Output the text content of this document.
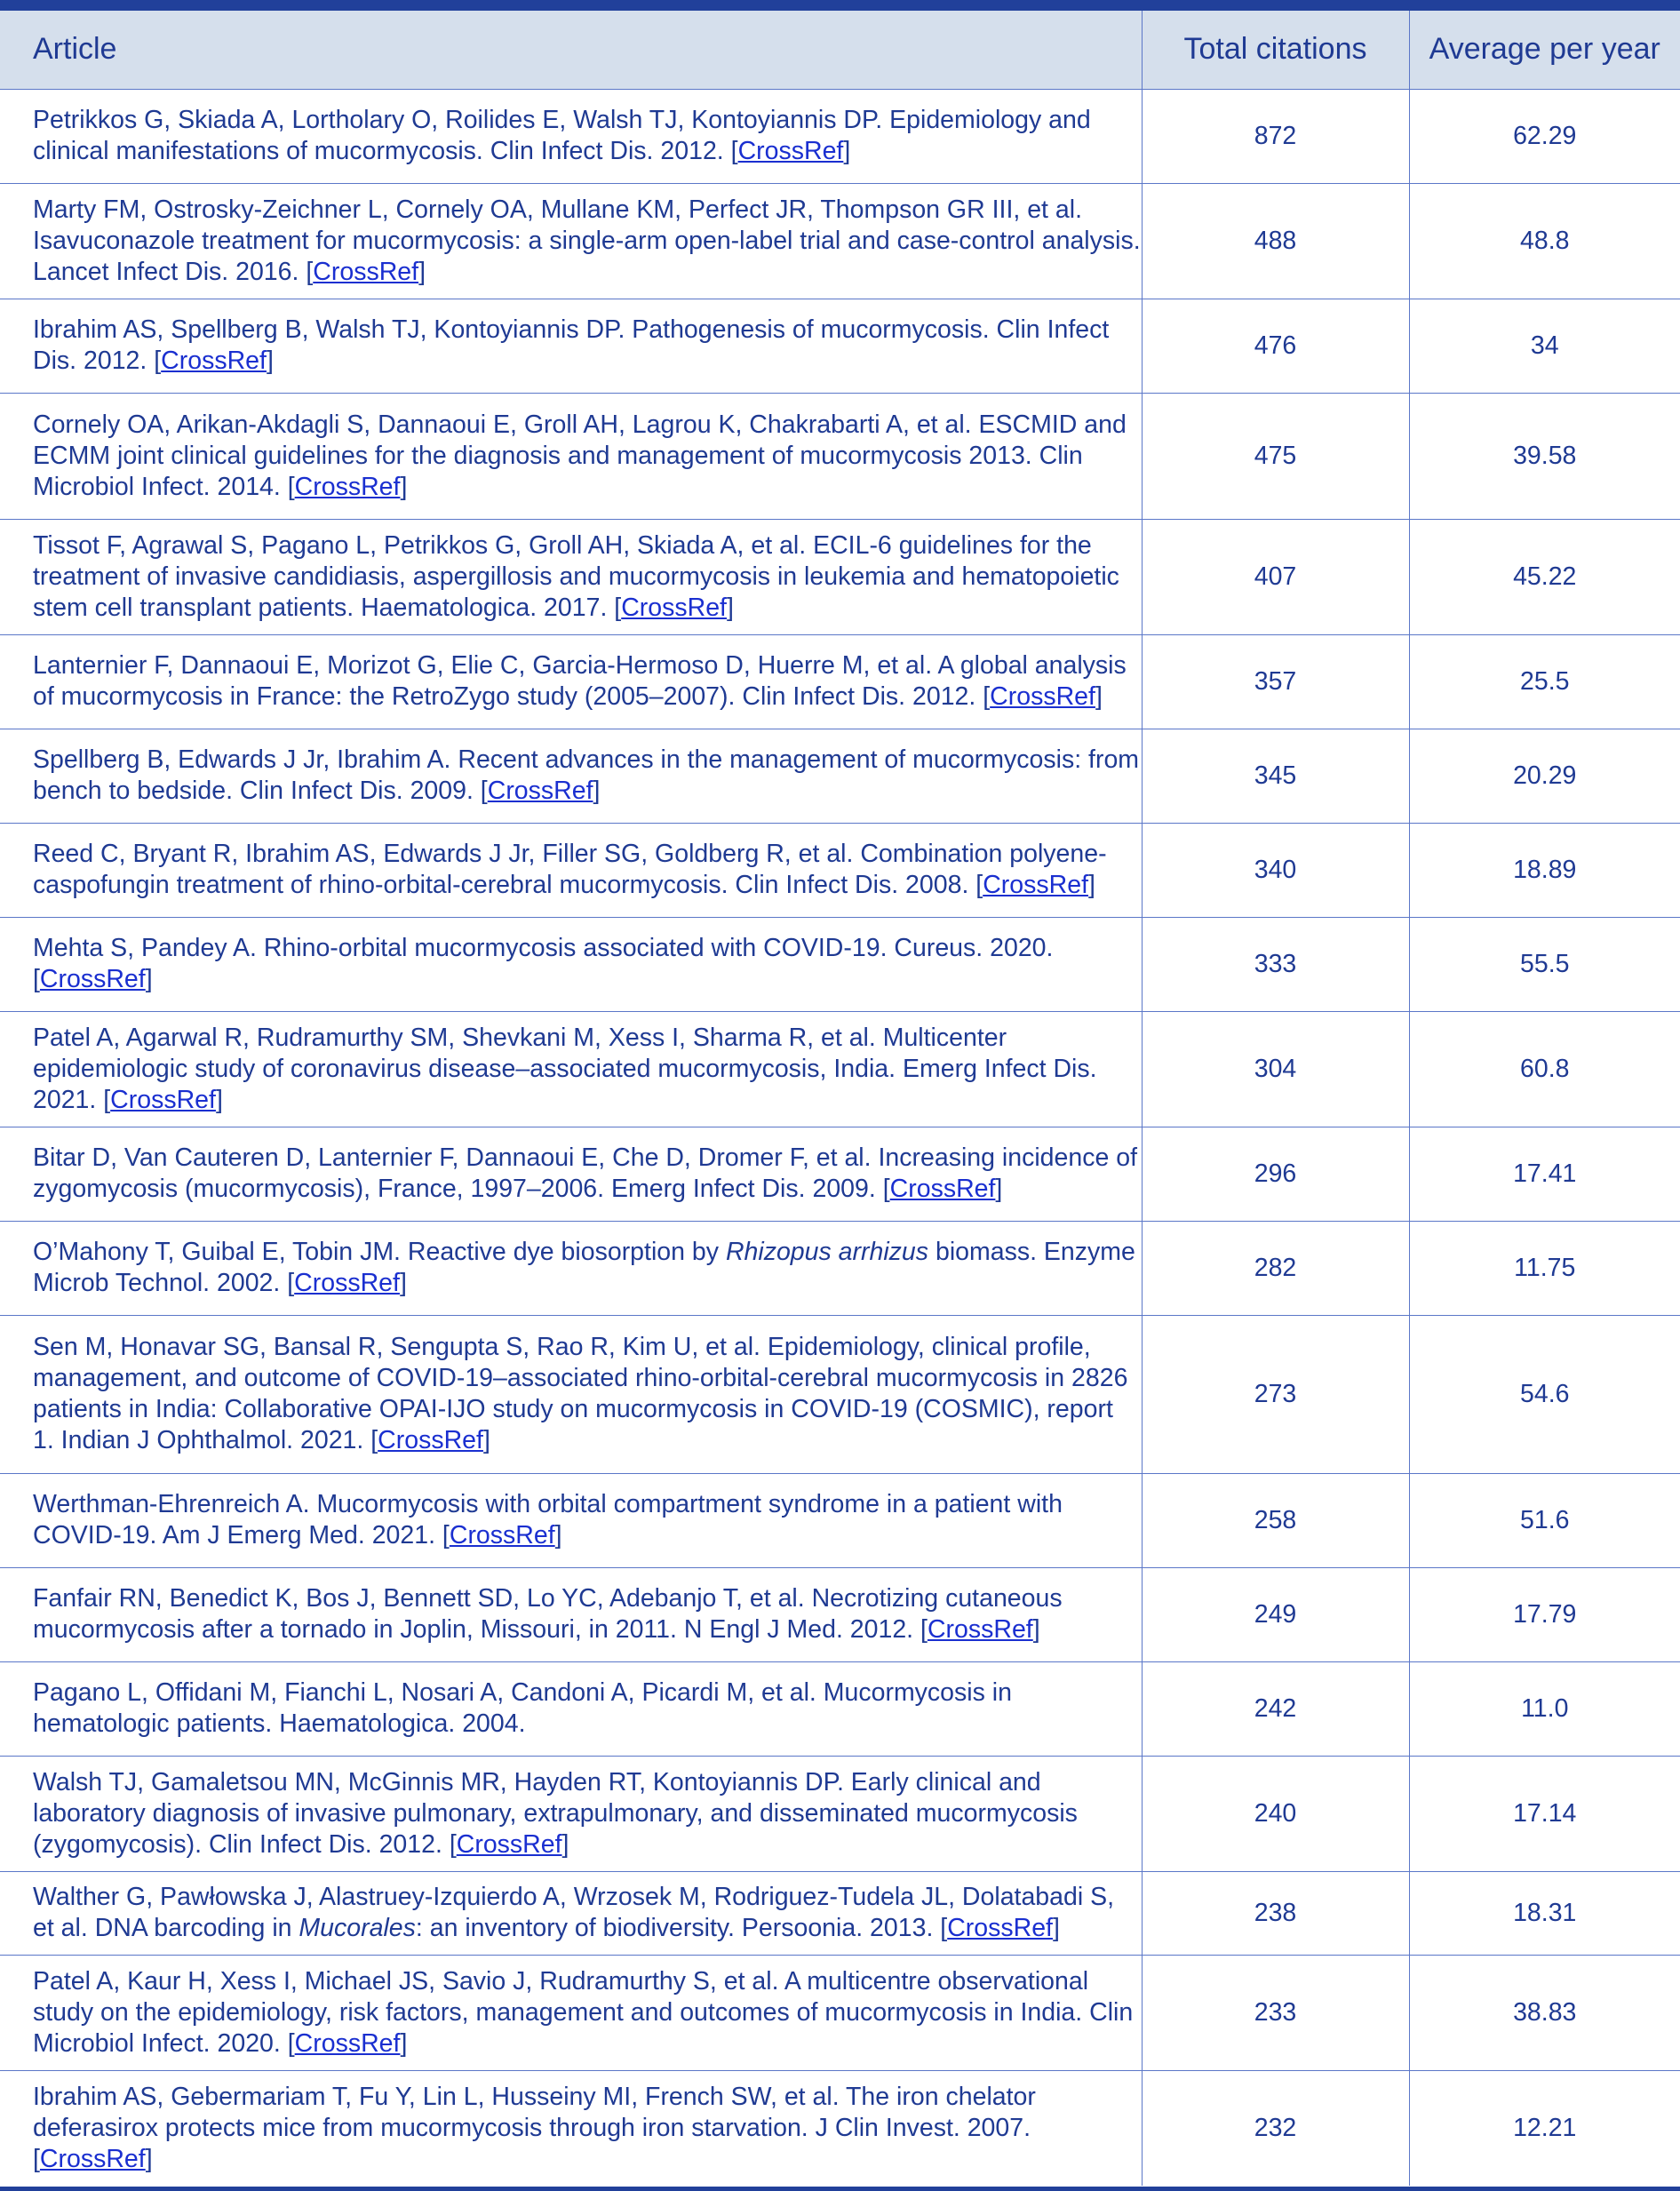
Article	Total citations	Average per year
Petrikkos G, Skiada A, Lortholary O, Roilides E, Walsh TJ, Kontoyiannis DP. Epidemiology and clinical manifestations of mucormycosis. Clin Infect Dis. 2012. [CrossRef]	872	62.29
Marty FM, Ostrosky-Zeichner L, Cornely OA, Mullane KM, Perfect JR, Thompson GR III, et al. Isavuconazole treatment for mucormycosis: a single-arm open-label trial and case-control analysis. Lancet Infect Dis. 2016. [CrossRef]	488	48.8
Ibrahim AS, Spellberg B, Walsh TJ, Kontoyiannis DP. Pathogenesis of mucormycosis. Clin Infect Dis. 2012. [CrossRef]	476	34
Cornely OA, Arikan-Akdagli S, Dannaoui E, Groll AH, Lagrou K, Chakrabarti A, et al. ESCMID and ECMM joint clinical guidelines for the diagnosis and management of mucormycosis 2013. Clin Microbiol Infect. 2014. [CrossRef]	475	39.58
Tissot F, Agrawal S, Pagano L, Petrikkos G, Groll AH, Skiada A, et al. ECIL-6 guidelines for the treatment of invasive candidiasis, aspergillosis and mucormycosis in leukemia and hematopoietic stem cell transplant patients. Haematologica. 2017. [CrossRef]	407	45.22
Lanternier F, Dannaoui E, Morizot G, Elie C, Garcia-Hermoso D, Huerre M, et al. A global analysis of mucormycosis in France: the RetroZygo study (2005–2007). Clin Infect Dis. 2012. [CrossRef]	357	25.5
Spellberg B, Edwards J Jr, Ibrahim A. Recent advances in the management of mucormycosis: from bench to bedside. Clin Infect Dis. 2009. [CrossRef]	345	20.29
Reed C, Bryant R, Ibrahim AS, Edwards J Jr, Filler SG, Goldberg R, et al. Combination polyene-caspofungin treatment of rhino-orbital-cerebral mucormycosis. Clin Infect Dis. 2008. [CrossRef]	340	18.89
Mehta S, Pandey A. Rhino-orbital mucormycosis associated with COVID-19. Cureus. 2020. [CrossRef]	333	55.5
Patel A, Agarwal R, Rudramurthy SM, Shevkani M, Xess I, Sharma R, et al. Multicenter epidemiologic study of coronavirus disease–associated mucormycosis, India. Emerg Infect Dis. 2021. [CrossRef]	304	60.8
Bitar D, Van Cauteren D, Lanternier F, Dannaoui E, Che D, Dromer F, et al. Increasing incidence of zygomycosis (mucormycosis), France, 1997–2006. Emerg Infect Dis. 2009. [CrossRef]	296	17.41
O’Mahony T, Guibal E, Tobin JM. Reactive dye biosorption by Rhizopus arrhizus biomass. Enzyme Microb Technol. 2002. [CrossRef]	282	11.75
Sen M, Honavar SG, Bansal R, Sengupta S, Rao R, Kim U, et al. Epidemiology, clinical profile, management, and outcome of COVID-19–associated rhino-orbital-cerebral mucormycosis in 2826 patients in India: Collaborative OPAI-IJO study on mucormycosis in COVID-19 (COSMIC), report 1. Indian J Ophthalmol. 2021. [CrossRef]	273	54.6
Werthman-Ehrenreich A. Mucormycosis with orbital compartment syndrome in a patient with COVID-19. Am J Emerg Med. 2021. [CrossRef]	258	51.6
Fanfair RN, Benedict K, Bos J, Bennett SD, Lo YC, Adebanjo T, et al. Necrotizing cutaneous mucormycosis after a tornado in Joplin, Missouri, in 2011. N Engl J Med. 2012. [CrossRef]	249	17.79
Pagano L, Offidani M, Fianchi L, Nosari A, Candoni A, Picardi M, et al. Mucormycosis in hematologic patients. Haematologica. 2004.	242	11.0
Walsh TJ, Gamaletsou MN, McGinnis MR, Hayden RT, Kontoyiannis DP. Early clinical and laboratory diagnosis of invasive pulmonary, extrapulmonary, and disseminated mucormycosis (zygomycosis). Clin Infect Dis. 2012. [CrossRef]	240	17.14
Walther G, Pawłowska J, Alastruey-Izquierdo A, Wrzosek M, Rodriguez-Tudela JL, Dolatabadi S, et al. DNA barcoding in Mucorales: an inventory of biodiversity. Persoonia. 2013. [CrossRef]	238	18.31
Patel A, Kaur H, Xess I, Michael JS, Savio J, Rudramurthy S, et al. A multicentre observational study on the epidemiology, risk factors, management and outcomes of mucormycosis in India. Clin Microbiol Infect. 2020. [CrossRef]	233	38.83
Ibrahim AS, Gebermariam T, Fu Y, Lin L, Husseiny MI, French SW, et al. The iron chelator deferasirox protects mice from mucormycosis through iron starvation. J Clin Invest. 2007. [CrossRef]	232	12.21
